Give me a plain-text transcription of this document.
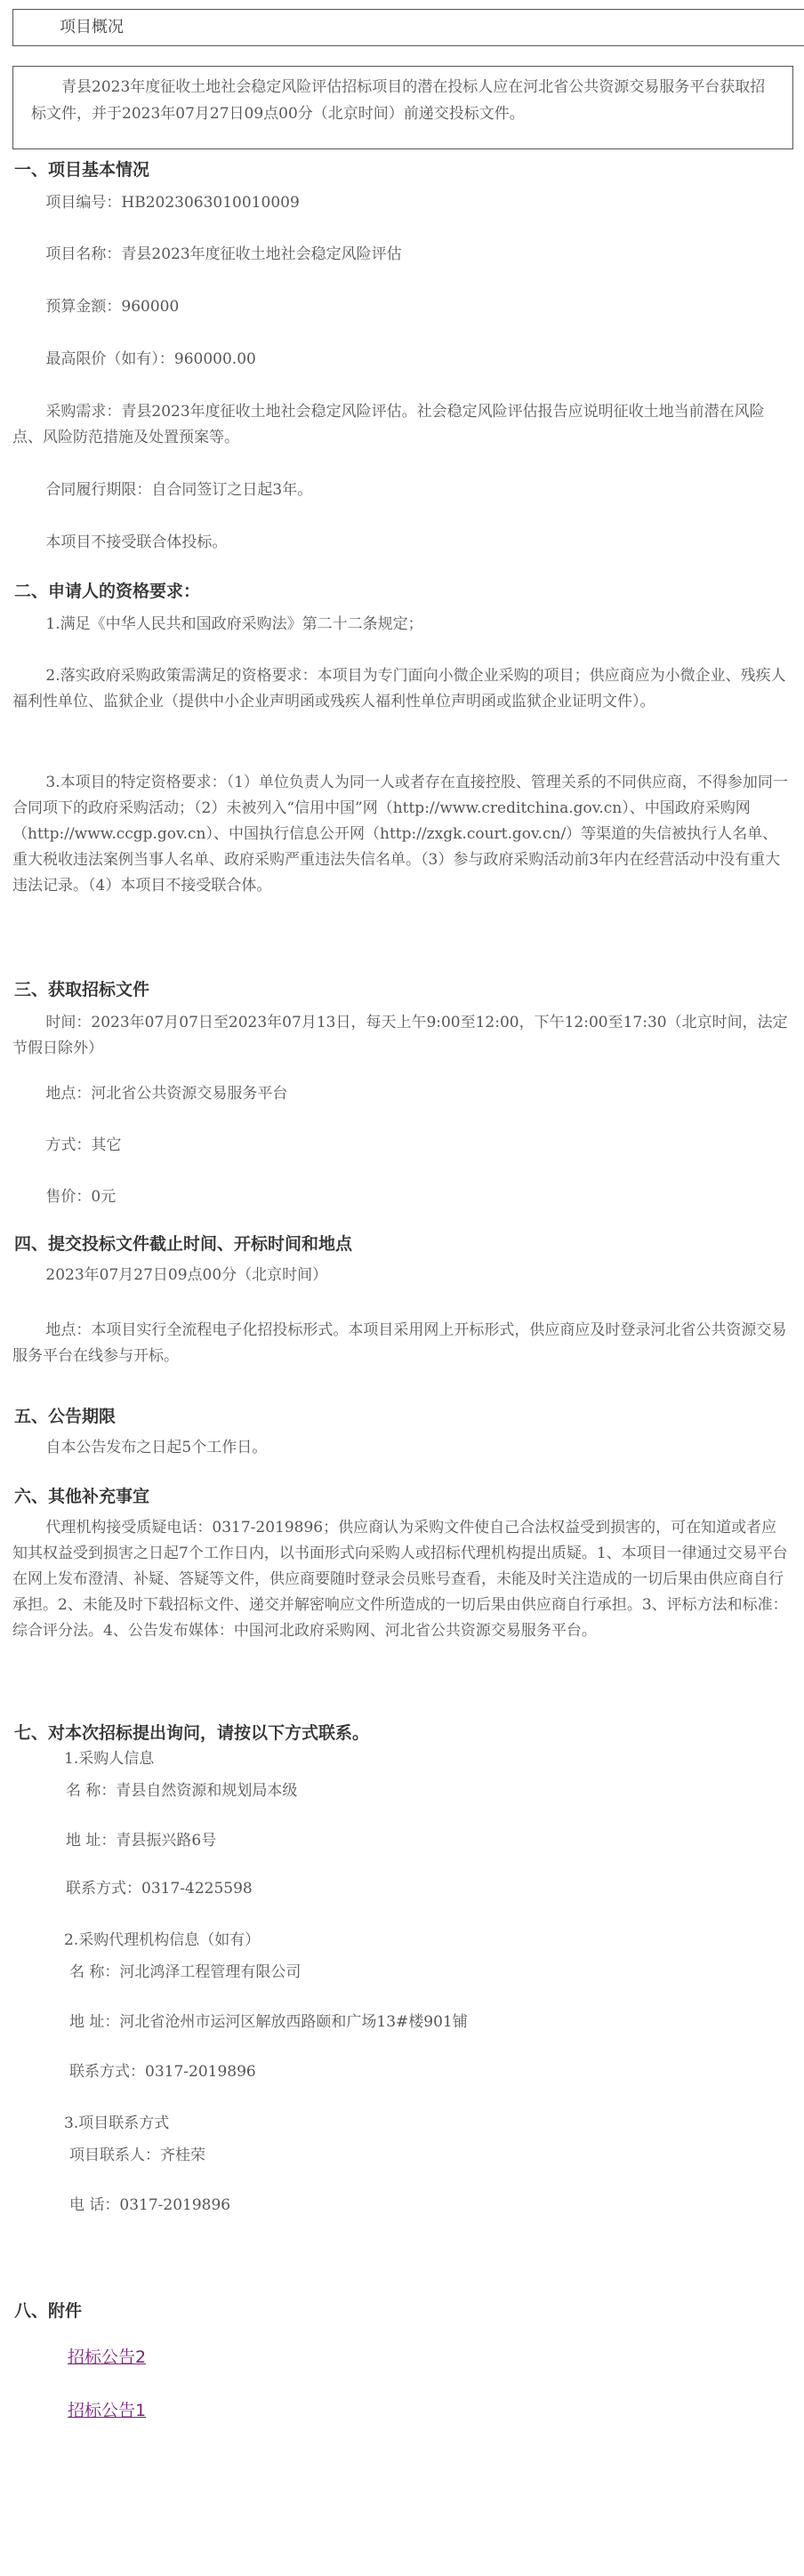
项目概况
青县2023年度征收土地社会稳定风险评估招标项目的潜在投标人应在河北省公共资源交易服务平台获取招标文件，并于2023年07月27日09点00分（北京时间）前递交投标文件。
一、项目基本情况
项目编号：HB2023063010010009
项目名称：青县2023年度征收土地社会稳定风险评估
预算金额：960000
最高限价（如有）：960000.00
采购需求：青县2023年度征收土地社会稳定风险评估。社会稳定风险评估报告应说明征收土地当前潜在风险点、风险防范措施及处置预案等。
合同履行期限：自合同签订之日起3年。
本项目不接受联合体投标。
二、申请人的资格要求：
1.满足《中华人民共和国政府采购法》第二十二条规定；
2.落实政府采购政策需满足的资格要求：本项目为专门面向小微企业采购的项目；供应商应为小微企业、残疾人福利性单位、监狱企业（提供中小企业声明函或残疾人福利性单位声明函或监狱企业证明文件）。
3.本项目的特定资格要求：（1）单位负责人为同一人或者存在直接控股、管理关系的不同供应商，不得参加同一合同项下的政府采购活动；（2）未被列入“信用中国”网（http://www.creditchina.gov.cn）、中国政府采购网（http://www.ccgp.gov.cn）、中国执行信息公开网（http://zxgk.court.gov.cn/）等渠道的失信被执行人名单、重大税收违法案例当事人名单、政府采购严重违法失信名单。（3）参与政府采购活动前3年内在经营活动中没有重大违法记录。（4）本项目不接受联合体。
三、获取招标文件
时间：2023年07月07日至2023年07月13日，每天上午9:00至12:00，下午12:00至17:30（北京时间，法定节假日除外）
地点：河北省公共资源交易服务平台
方式：其它
售价：0元
四、提交投标文件截止时间、开标时间和地点
2023年07月27日09点00分（北京时间）
地点：本项目实行全流程电子化招投标形式。本项目采用网上开标形式，供应商应及时登录河北省公共资源交易服务平台在线参与开标。
五、公告期限
自本公告发布之日起5个工作日。
六、其他补充事宜
代理机构接受质疑电话：0317-2019896；供应商认为采购文件使自己合法权益受到损害的，可在知道或者应知其权益受到损害之日起7个工作日内，以书面形式向采购人或招标代理机构提出质疑。1、本项目一律通过交易平台在网上发布澄清、补疑、答疑等文件，供应商要随时登录会员账号查看，未能及时关注造成的一切后果由供应商自行承担。2、未能及时下载招标文件、递交并解密响应文件所造成的一切后果由供应商自行承担。3、评标方法和标准：综合评分法。4、公告发布媒体：中国河北政府采购网、河北省公共资源交易服务平台。
七、对本次招标提出询问，请按以下方式联系。
1.采购人信息
名 称：青县自然资源和规划局本级
地 址：青县振兴路6号
联系方式：0317-4225598
2.采购代理机构信息（如有）
名 称：河北鸿泽工程管理有限公司
地 址：河北省沧州市运河区解放西路颐和广场13#楼901铺
联系方式：0317-2019896
3.项目联系方式
项目联系人：齐桂荣
电 话：0317-2019896
八、附件
招标公告2
招标公告1
